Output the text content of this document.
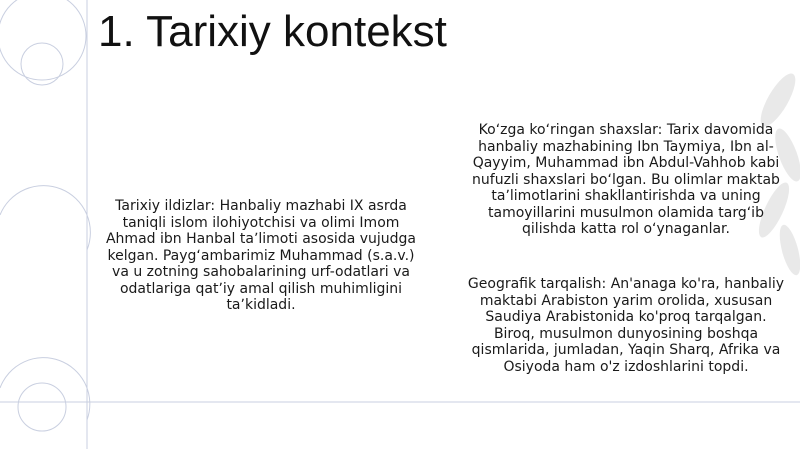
1. Tarixiy kontekst

Tarixiy ildizlar: Hanbaliy mazhabi IX asrda taniqli islom ilohiyotchisi va olimi Imom Ahmad ibn Hanbal taʼlimoti asosida vujudga kelgan. Paygʻambarimiz Muhammad (s.a.v.) va u zotning sahobalarining urf-odatlari va odatlariga qatʼiy amal qilish muhimligini taʼkidladi.

Koʻzga koʻringan shaxslar: Tarix davomida hanbaliy mazhabining Ibn Taymiya, Ibn al-Qayyim, Muhammad ibn Abdul-Vahhob kabi nufuzli shaxslari boʻlgan. Bu olimlar maktab taʼlimotlarini shakllantirishda va uning tamoyillarini musulmon olamida targʻib qilishda katta rol oʻynaganlar.

Geografik tarqalish: An'anaga ko'ra, hanbaliy maktabi Arabiston yarim orolida, xususan Saudiya Arabistonida ko'proq tarqalgan. Biroq, musulmon dunyosining boshqa qismlarida, jumladan, Yaqin Sharq, Afrika va Osiyoda ham o'z izdoshlarini topdi.
